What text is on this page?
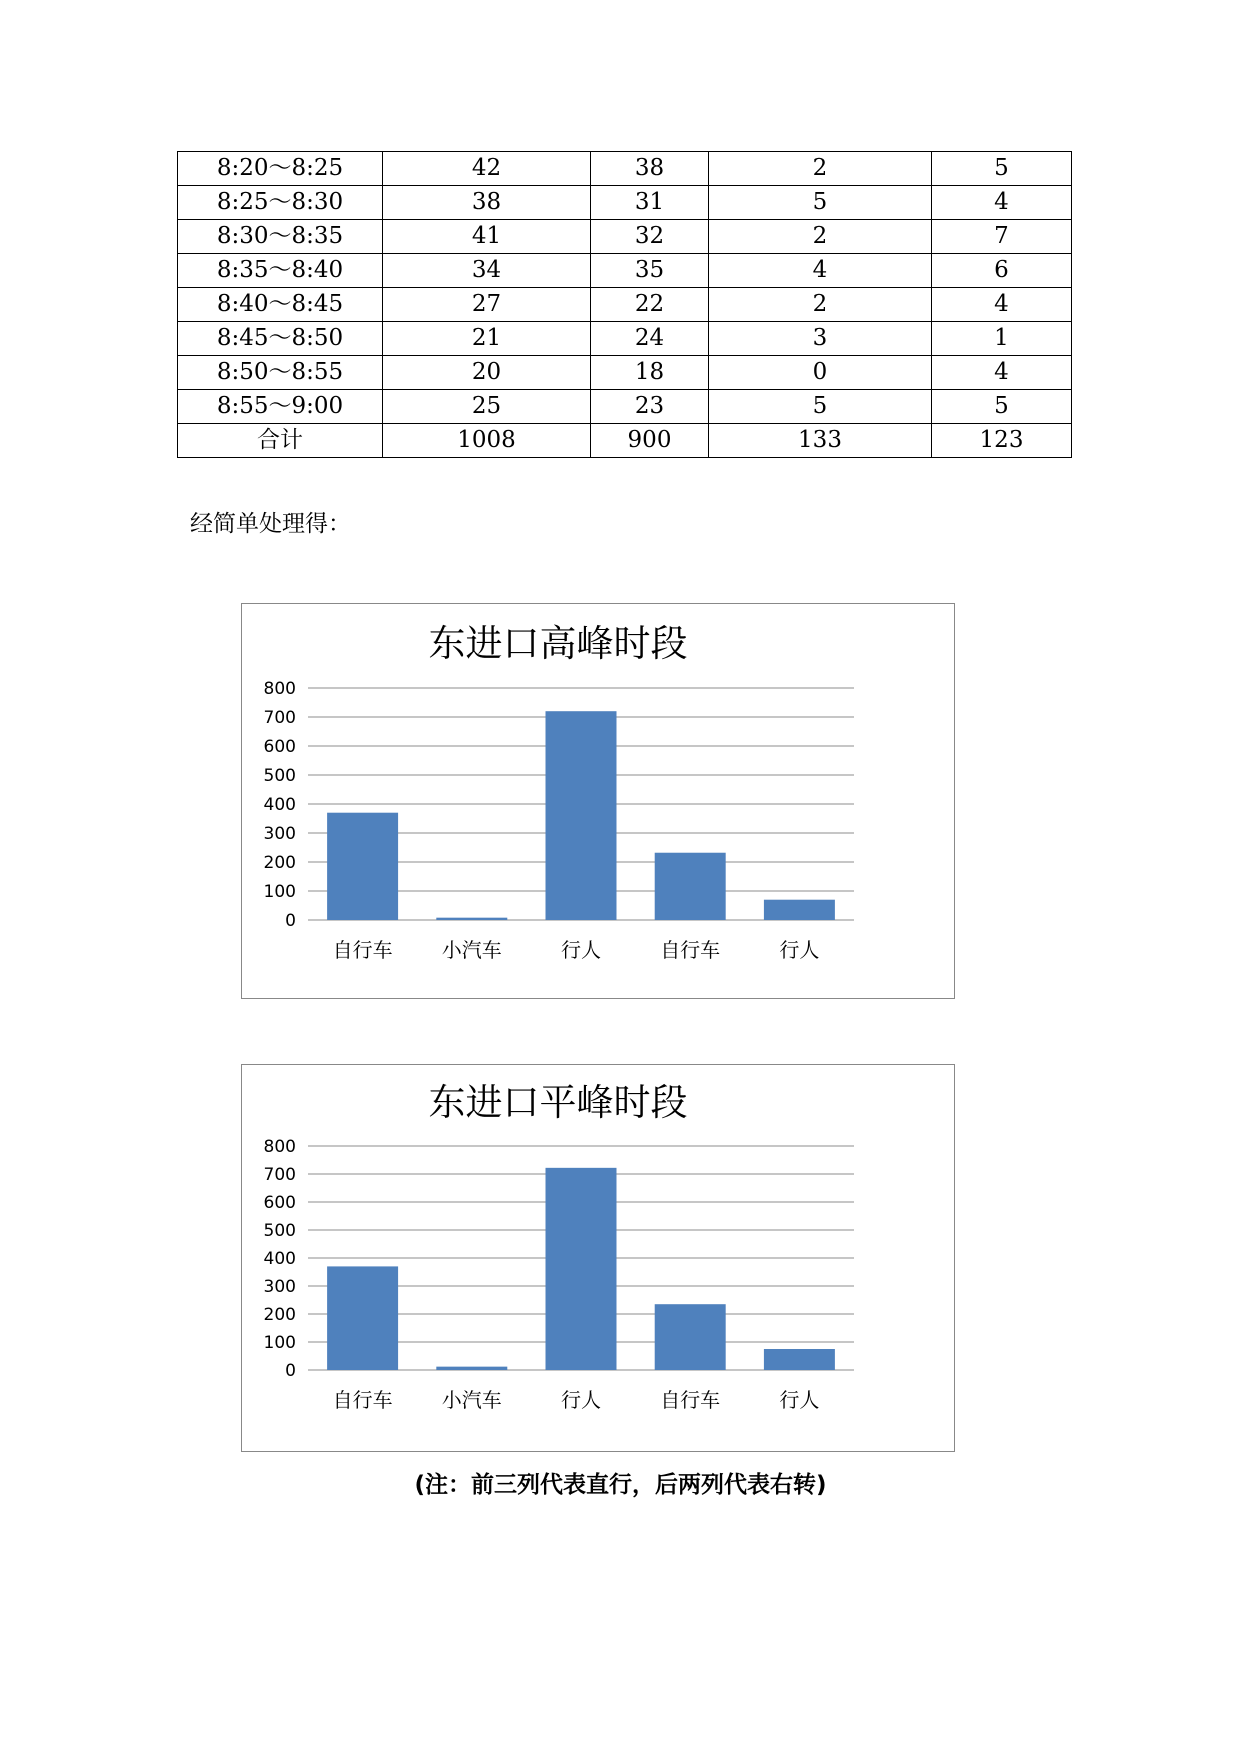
8:20～8:25	42	38	2	5
8:25～8:30	38	31	5	4
8:30～8:35	41	32	2	7
8:35～8:40	34	35	4	6
8:40～8:45	27	22	2	4
8:45～8:50	21	24	3	1
8:50～8:55	20	18	0	4
8:55～9:00	25	23	5	5
合计	1008	900	133	123
经简单处理得：
东进口高峰时段
0
100
200
300
400
500
600
700
800
自行车 小汽车	行人	自行车	行人
东进口平峰时段
0
100
200
300
400
500
600
700
800
自行车 小汽车	行人	自行车	行人
(注：前三列代表直行，后两列代表右转)
